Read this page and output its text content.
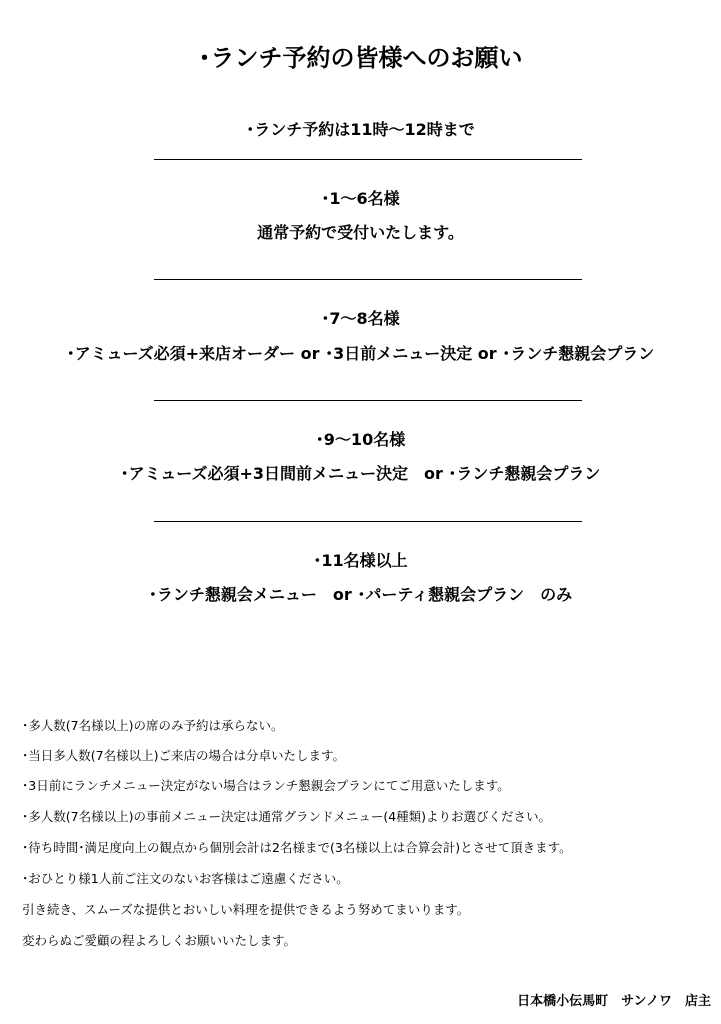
･ランチ予約の皆様へのお願い
･ランチ予約は11時～12時まで
･1～6名様
通常予約で受付いたします。
･7～8名様
･アミューズ必須+来店オーダー or ･3日前メニュー決定 or ･ランチ懇親会プラン
･9～10名様
･アミューズ必須+3日間前メニュー決定　or ･ランチ懇親会プラン
･11名様以上
･ランチ懇親会メニュー　or ･パーティ懇親会プラン　のみ
･多人数(7名様以上)の席のみ予約は承らない。
･当日多人数(7名様以上)ご来店の場合は分卓いたします。
･3日前にランチメニュー決定がない場合はランチ懇親会プランにてご用意いたします。
･多人数(7名様以上)の事前メニュー決定は通常グランドメニュー(4種類)よりお選びください。
･待ち時間･満足度向上の観点から個別会計は2名様まで(3名様以上は合算会計)とさせて頂きます。
･おひとり様1人前ご注文のないお客様はご遠慮ください。
引き続き、スムーズな提供とおいしい料理を提供できるよう努めてまいります。
変わらぬご愛顧の程よろしくお願いいたします。
日本橋小伝馬町　サンノワ　店主
